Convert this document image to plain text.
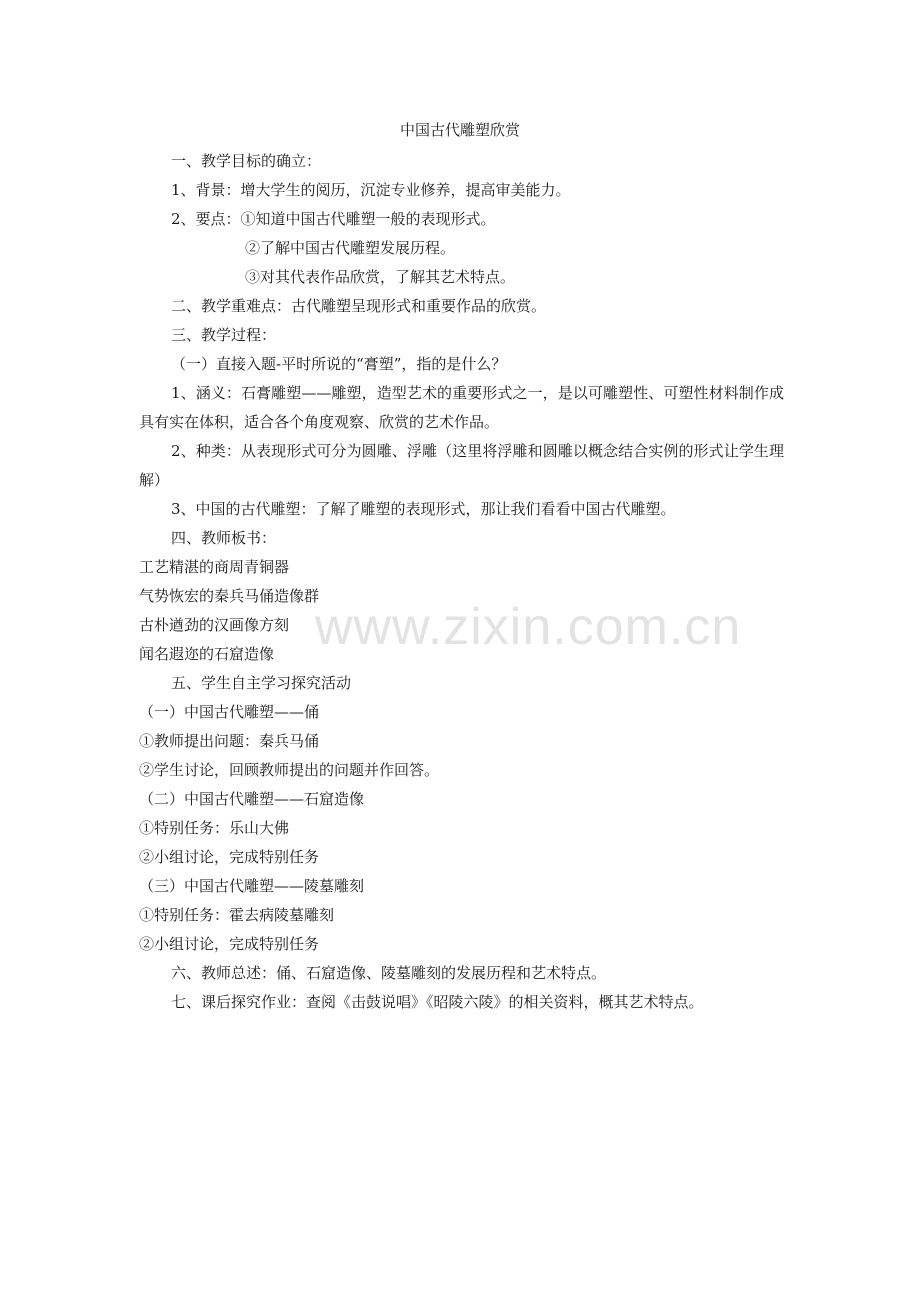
中国古代雕塑欣赏

一、教学目标的确立：

1、背景：增大学生的阅历，沉淀专业修养，提高审美能力。

2、要点：①知道中国古代雕塑一般的表现形式。

②了解中国古代雕塑发展历程。

③对其代表作品欣赏，了解其艺术特点。

二、教学重难点：古代雕塑呈现形式和重要作品的欣赏。

三、教学过程：

（一）直接入题-平时所说的“膏塑”，指的是什么？

1、涵义：石膏雕塑——雕塑，造型艺术的重要形式之一，是以可雕塑性、可塑性材料制作成具有实在体积，适合各个角度观察、欣赏的艺术作品。

2、种类：从表现形式可分为圆雕、浮雕（这里将浮雕和圆雕以概念结合实例的形式让学生理解）

3、中国的古代雕塑：了解了雕塑的表现形式，那让我们看看中国古代雕塑。

四、教师板书：

工艺精湛的商周青铜器

气势恢宏的秦兵马俑造像群

古朴遒劲的汉画像方刻

闻名遐迩的石窟造像

五、学生自主学习探究活动

（一）中国古代雕塑——俑

①教师提出问题：秦兵马俑

②学生讨论，回顾教师提出的问题并作回答。

（二）中国古代雕塑——石窟造像

①特别任务：乐山大佛

②小组讨论，完成特别任务

（三）中国古代雕塑——陵墓雕刻

①特别任务：霍去病陵墓雕刻

②小组讨论，完成特别任务

六、教师总述：俑、石窟造像、陵墓雕刻的发展历程和艺术特点。

七、课后探究作业：查阅《击鼓说唱》《昭陵六陵》的相关资料，概其艺术特点。

www.zixin.com.cn
